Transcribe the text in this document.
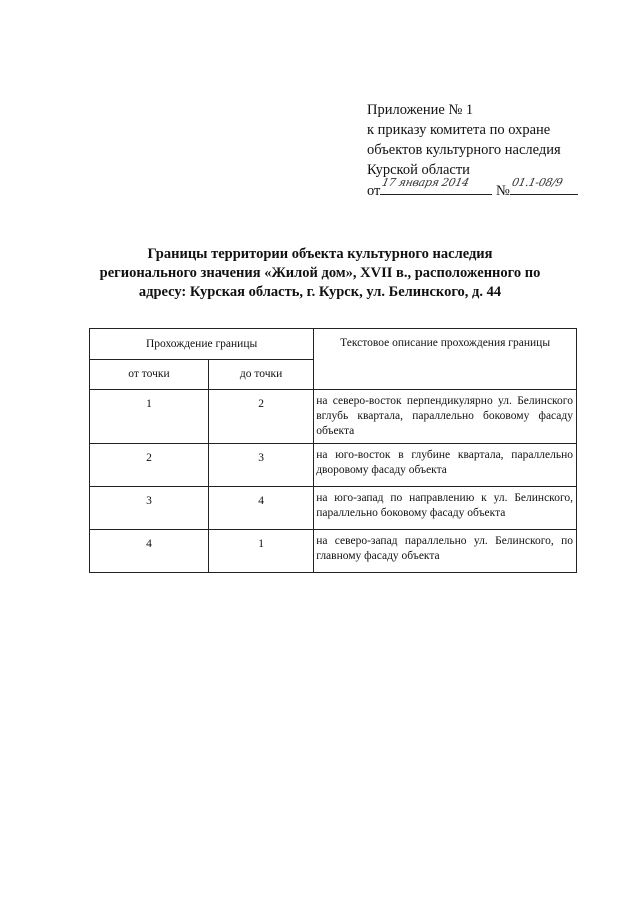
Приложение № 1
к приказу комитета по охране
объектов культурного наследия
Курской области
от
17 января 2014
№
01.1-08/9
Границы территории объекта культурного наследия
регионального значения «Жилой дом», XVII в., расположенного по
адресу: Курская область, г. Курск, ул. Белинского, д. 44
Прохождение границы		Текстовое описание прохождения границы
от точки	до точки	
1	2	на северо-восток перпендикулярно ул. Белинского вглубь квартала, параллельно боковому фасаду объекта
2	3	на юго-восток в глубине квартала, параллельно дворовому фасаду объекта
3	4	на юго-запад по направлению к ул. Белинского, параллельно боковому фасаду объекта
4	1	на северо-запад параллельно ул. Белинского, по главному фасаду объекта
